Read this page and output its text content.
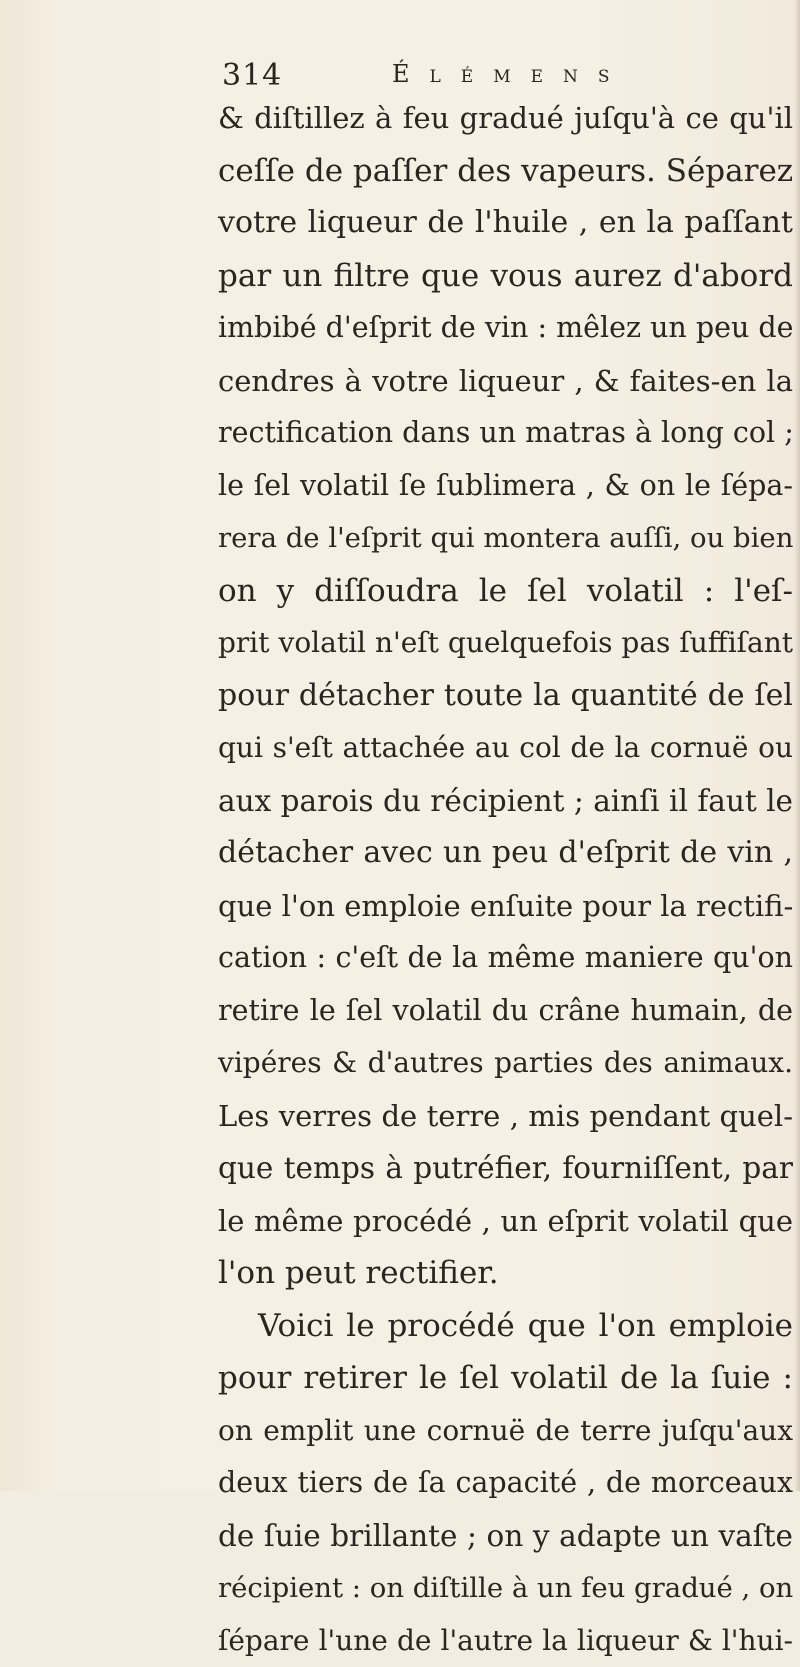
314	Élémens
& diſtillez à feu gradué juſqu'à ce qu'il
ceſſe de paſſer des vapeurs. Séparez
votre liqueur de l'huile , en la paſſant
par un filtre que vous aurez d'abord
imbibé d'eſprit de vin : mêlez un peu de
cendres à votre liqueur , & faites-en la
rectification dans un matras à long col ;
le ſel volatil ſe ſublimera , & on le ſépa-
rera de l'eſprit qui montera auſſi, ou bien
on y diſſoudra le ſel volatil : l'eſ-
prit volatil n'eſt quelquefois pas ſuffiſant
pour détacher toute la quantité de ſel
qui s'eſt attachée au col de la cornuë ou
aux parois du récipient ; ainſi il faut le
détacher avec un peu d'eſprit de vin ,
que l'on emploie enſuite pour la rectifi-
cation : c'eſt de la même maniere qu'on
retire le ſel volatil du crâne humain, de
vipéres & d'autres parties des animaux.
Les verres de terre , mis pendant quel-
que temps à putréfier, fourniſſent, par
le même procédé , un eſprit volatil que
l'on peut rectifier.
Voici le procédé que l'on emploie
pour retirer le ſel volatil de la ſuie :
on emplit une cornuë de terre juſqu'aux
deux tiers de ſa capacité , de morceaux
de ſuie brillante ; on y adapte un vaſte
récipient : on diſtille à un feu gradué , on
ſépare l'une de l'autre la liqueur & l'hui-
